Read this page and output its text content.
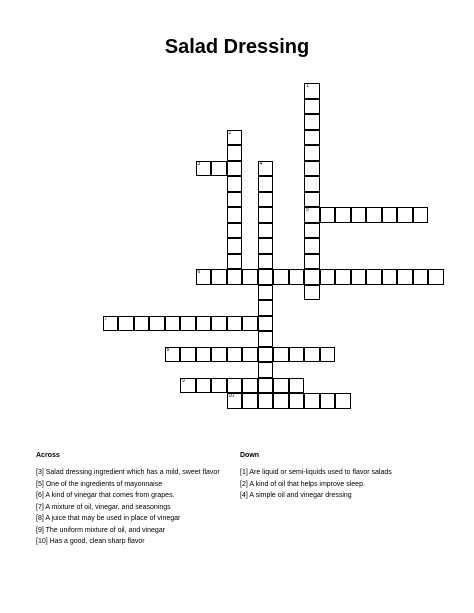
Salad Dressing
1
5
2
3	4
6
7
8
9
10
Across	Down
[3] Salad dressing ingredient which has a mild, sweet flavor
[5] One of the ingredients of mayonnaise
[6] A kind of vinegar that comes from grapes.
[7] A mixture of oil, vinegar, and seasonings
[8] A juice that may be used in place of vinegar
[9] The uniform mixture of oil, and vinegar
[10] Has a good, clean sharp flavor
[1] Are liquid or semi-liquids used to flavor salads
[2] A kind of oil that helps improve sleep.
[4] A simple oil and vinegar dressing
